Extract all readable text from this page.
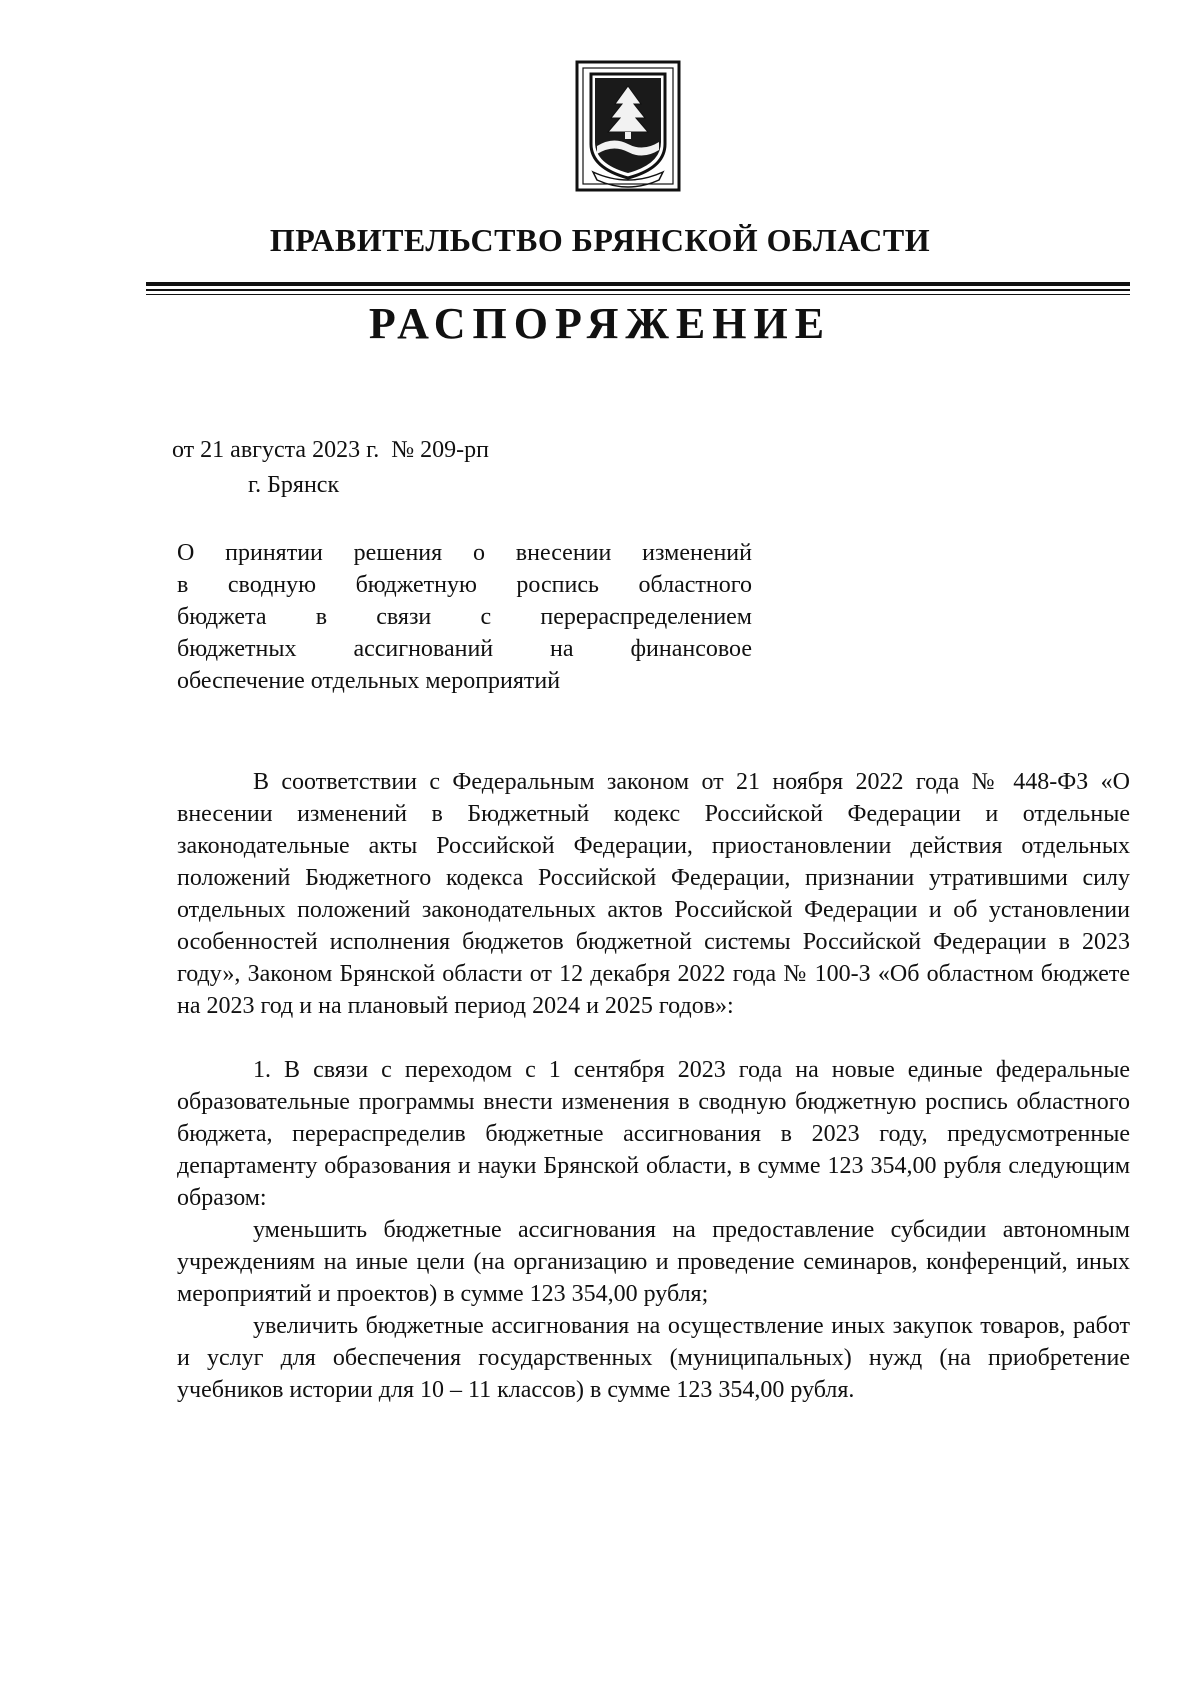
ПРАВИТЕЛЬСТВО БРЯНСКОЙ ОБЛАСТИ
РАСПОРЯЖЕНИЕ
от 21 августа 2023 г. № 209-рп
г. Брянск
О принятии решения о внесении изменений
в сводную бюджетную роспись областного
бюджета в связи с перераспределением
бюджетных ассигнований на финансовое
обеспечение отдельных мероприятий

В соответствии с Федеральным законом от 21 ноября 2022 года № 448-ФЗ «О внесении изменений в Бюджетный кодекс Российской Федерации и отдельные законодательные акты Российской Федерации, приостановлении действия отдельных положений Бюджетного кодекса Российской Федерации, признании утратившими силу отдельных положений законодательных актов Российской Федерации и об установлении особенностей исполнения бюджетов бюджетной системы Российской Федерации в 2023 году», Законом Брянской области от 12 декабря 2022 года № 100-З «Об областном бюджете на 2023 год и на плановый период 2024 и 2025 годов»:

1. В связи с переходом с 1 сентября 2023 года на новые единые федеральные образовательные программы внести изменения в сводную бюджетную роспись областного бюджета, перераспределив бюджетные ассигнования в 2023 году, предусмотренные департаменту образования и науки Брянской области, в сумме 123 354,00 рубля следующим образом:

уменьшить бюджетные ассигнования на предоставление субсидии автономным учреждениям на иные цели (на организацию и проведение семинаров, конференций, иных мероприятий и проектов) в сумме 123 354,00 рубля;

увеличить бюджетные ассигнования на осуществление иных закупок товаров, работ и услуг для обеспечения государственных (муниципальных) нужд (на приобретение учебников истории для 10 – 11 классов) в сумме 123 354,00 рубля.
